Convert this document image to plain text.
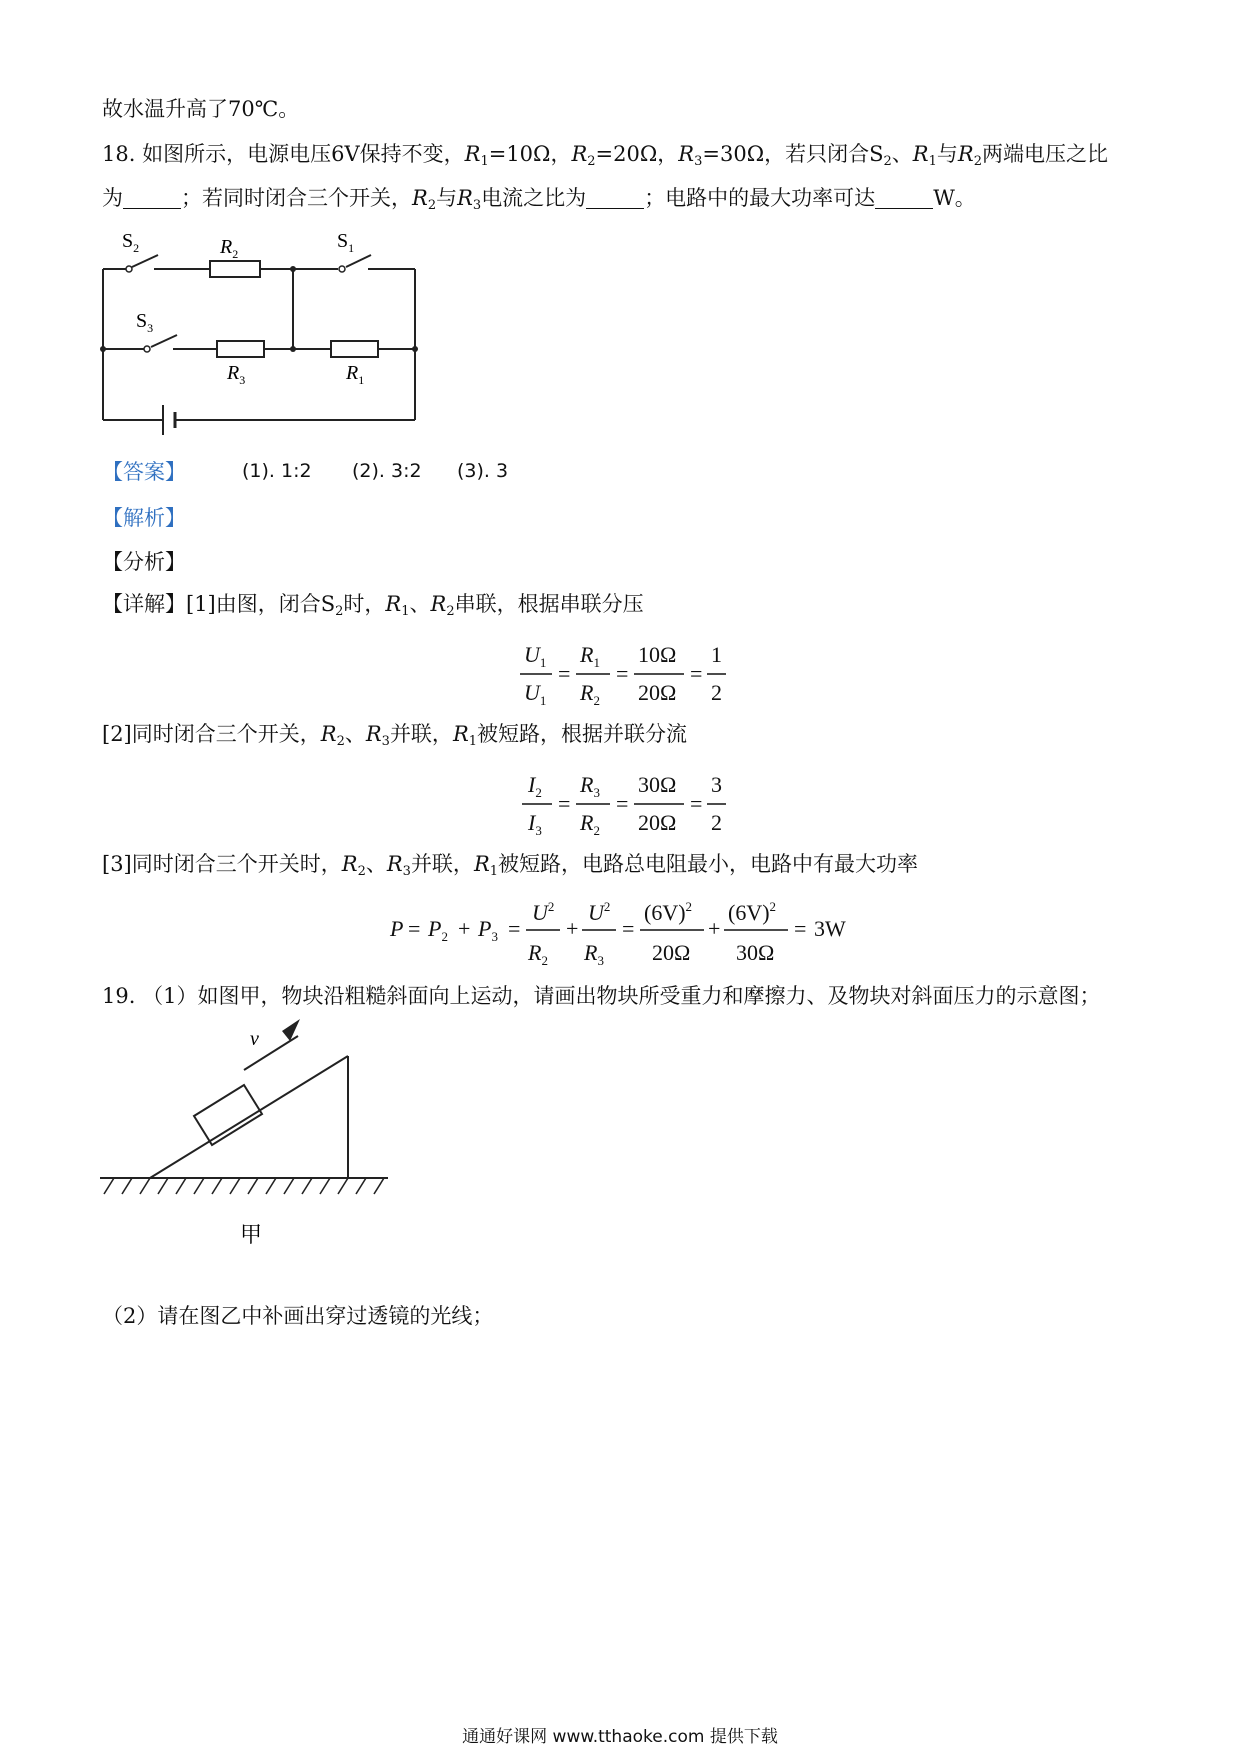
故水温升高了70℃。
18. 如图所示，电源电压6V保持不变，$R_1=10\Omega$，$R_2=20\Omega$，$R_3=30\Omega$，若只闭合$S_2$、$R_1$与$R_2$两端电压之比
为	；若同时闭合三个开关，$R_2$与$R_3$电流之比为	；电路中的最大功率可达	W。
$S_2$	$R_2$
$S_1$
$S_3$
$R_3$	$R_1$
【答案】	(1). 1:2 (2). 3:2 (3). 3
【解析】
【分析】
【详解】[1]由图，闭合$S_2$时，$R_1$、$R_2$串联，根据串联分压
$U_1$
$U_1$
=
$R_1$
$R_2$
=
10Ω
20Ω
=
1
2
[2]同时闭合三个开关，$R_2$、$R_3$并联，$R_1$被短路，根据并联分流
$I_2$
$I_3$
=
$R_3$
$R_2$
=
30Ω
20Ω
=
3
2
[3]同时闭合三个开关时，$R_2$、$R_3$并联，$R_1$被短路，电路总电阻最小，电路中有最大功率
$P = P_2 + P_3$ =
$U^2$
$R_2$
+
$U^2$
$R_3$
=
$(6V)^2$
20Ω
+
$(6V)^2$
30Ω
= 3W
19. （1）如图甲，物块沿粗糙斜面向上运动，请画出物块所受重力和摩擦力、及物块对斜面压力的示意图；
v
甲
（2）请在图乙中补画出穿过透镜的光线；
通通好课网 www.tthaoke.com 提供下载
